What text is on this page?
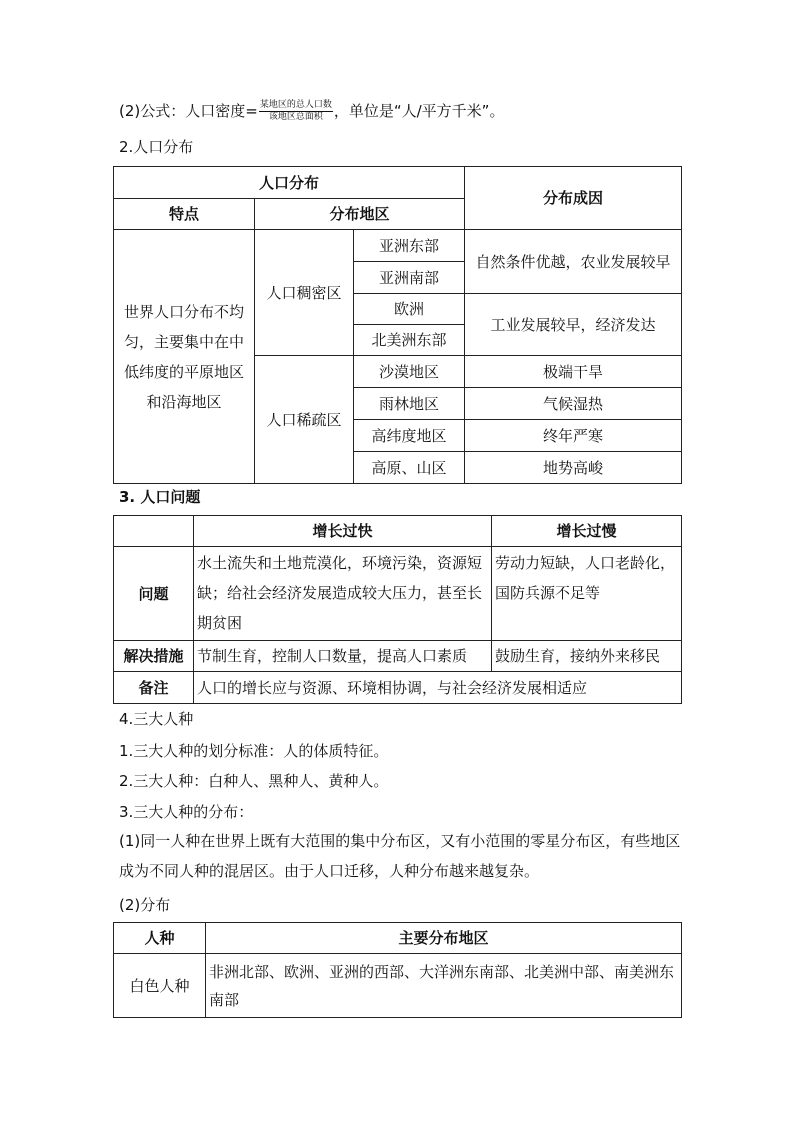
(2)公式：人口密度= $\frac{\text{某地区的总人口数}}{\text{该地区总面积}}$ ，单位是“人/平方千米”。
2.人口分布
人口分布			分布成因
特点	分布地区		
世界人口分布不均匀，主要集中在中低纬度的平原地区和沿海地区	人口稠密区	亚洲东部	自然条件优越，农业发展较早
		亚洲南部	
		欧洲	工业发展较早，经济发达
		北美洲东部	
	人口稀疏区	沙漠地区	极端干旱
		雨林地区	气候湿热
		高纬度地区	终年严寒
		高原、山区	地势高峻
3. 人口问题
	增长过快	增长过慢
问题	水土流失和土地荒漠化，环境污染，资源短缺；给社会经济发展造成较大压力，甚至长期贫困	劳动力短缺，人口老龄化，国防兵源不足等
解决措施	节制生育，控制人口数量，提高人口素质	鼓励生育，接纳外来移民
备注	人口的增长应与资源、环境相协调，与社会经济发展相适应	
4.三大人种
1.三大人种的划分标准：人的体质特征。
2.三大人种：白种人、黑种人、黄种人。
3.三大人种的分布：
(1)同一人种在世界上既有大范围的集中分布区，又有小范围的零星分布区，有些地区成为不同人种的混居区。由于人口迁移，人种分布越来越复杂。
(2)分布
人种	主要分布地区
白色人种	非洲北部、欧洲、亚洲的西部、大洋洲东南部、北美洲中部、南美洲东南部
